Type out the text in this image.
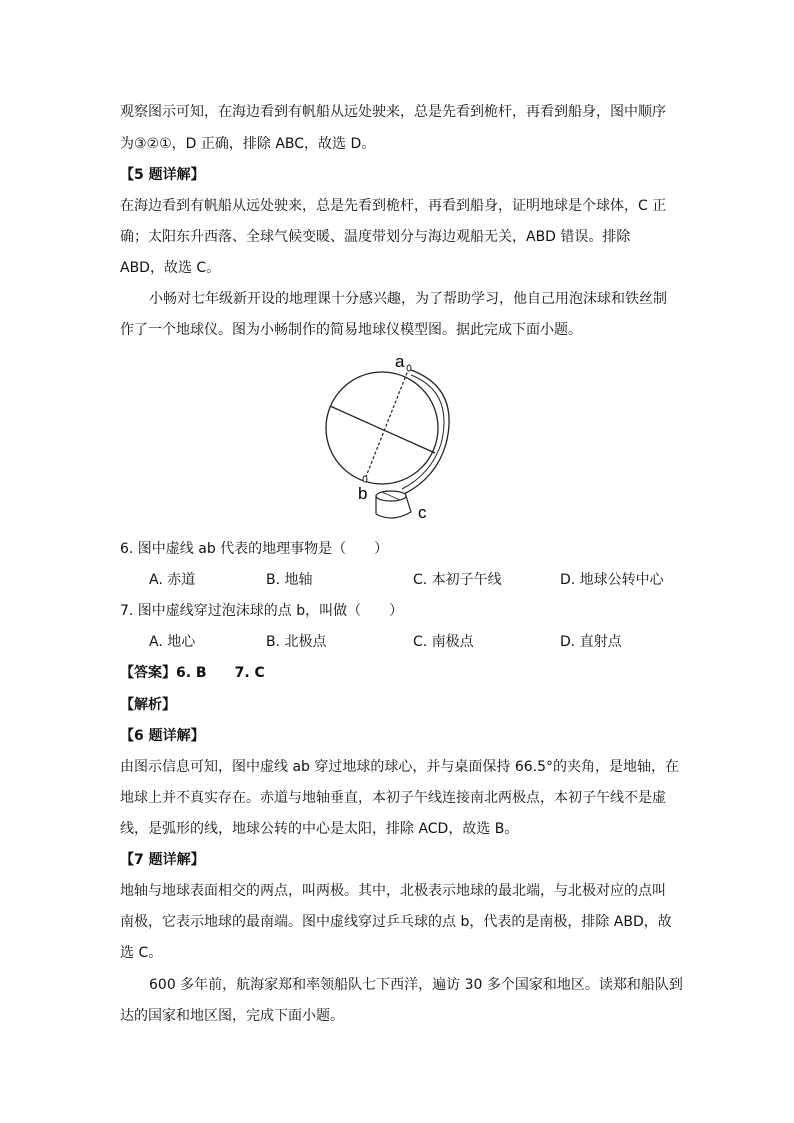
观察图示可知，在海边看到有帆船从远处驶来，总是先看到桅杆，再看到船身，图中顺序
为③②①，D 正确，排除 ABC，故选 D。
【5 题详解】
在海边看到有帆船从远处驶来，总是先看到桅杆，再看到船身，证明地球是个球体，C 正
确；太阳东升西落、全球气候变暖、温度带划分与海边观船无关，ABD 错误。排除
ABD，故选 C。
小畅对七年级新开设的地理课十分感兴趣，为了帮助学习，他自己用泡沫球和铁丝制
作了一个地球仪。图为小畅制作的简易地球仪模型图。据此完成下面小题。
a
b
c
6. 图中虚线 ab 代表的地理事物是（　　）
A. 赤道	B. 地轴	C. 本初子午线	D. 地球公转中心
7. 图中虚线穿过泡沫球的点 b，叫做（　　）
A. 地心	B. 北极点	C. 南极点	D. 直射点
【答案】6. B　　7. C
【解析】
【6 题详解】
由图示信息可知，图中虚线 ab 穿过地球的球心，并与桌面保持 66.5°的夹角，是地轴，在
地球上并不真实存在。赤道与地轴垂直，本初子午线连接南北两极点，本初子午线不是虚
线，是弧形的线，地球公转的中心是太阳，排除 ACD，故选 B。
【7 题详解】
地轴与地球表面相交的两点，叫两极。其中，北极表示地球的最北端，与北极对应的点叫
南极，它表示地球的最南端。图中虚线穿过乒乓球的点 b，代表的是南极，排除 ABD，故
选 C。
600 多年前，航海家郑和率领船队七下西洋，遍访 30 多个国家和地区。读郑和船队到
达的国家和地区图，完成下面小题。
